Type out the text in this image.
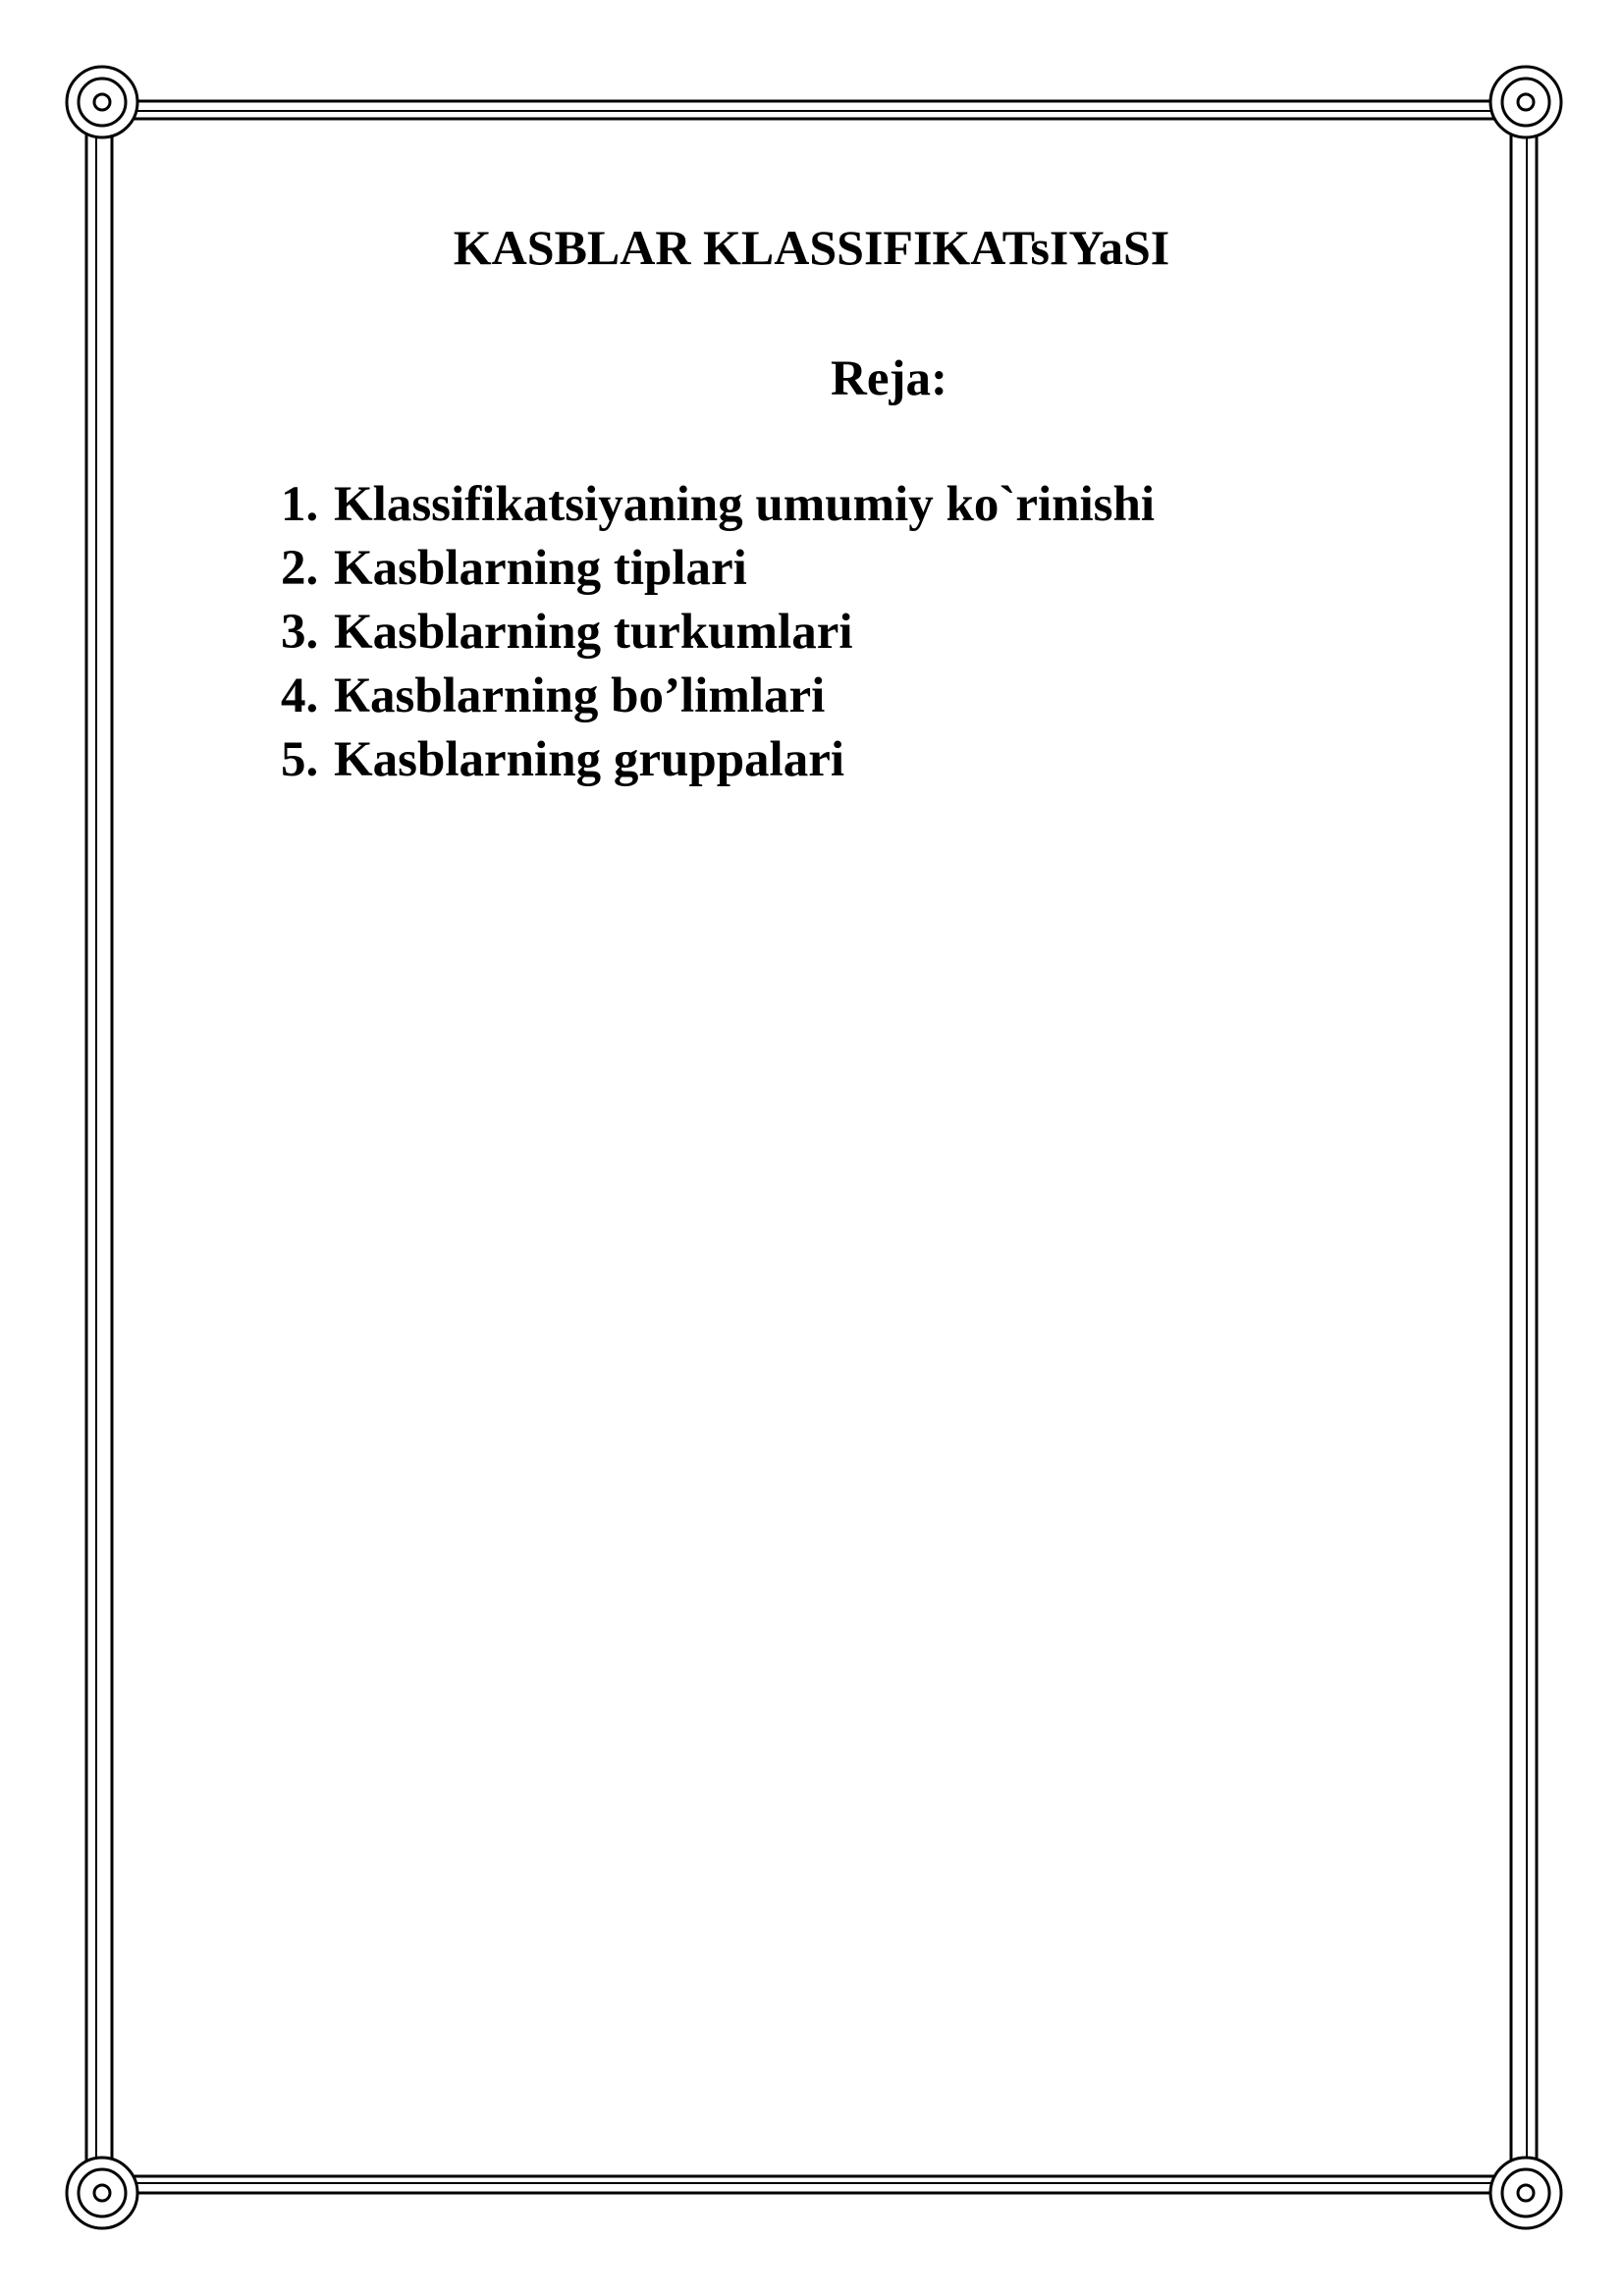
KASBLAR KLASSIFIKATsIYaSI
Reja:
1. Klassifikatsiyaning umumiy ko`rinishi
2. Kasblarning tiplari
3. Kasblarning turkumlari
4. Кasblarning bo’limlari
5. Kasblarning gruppalari
